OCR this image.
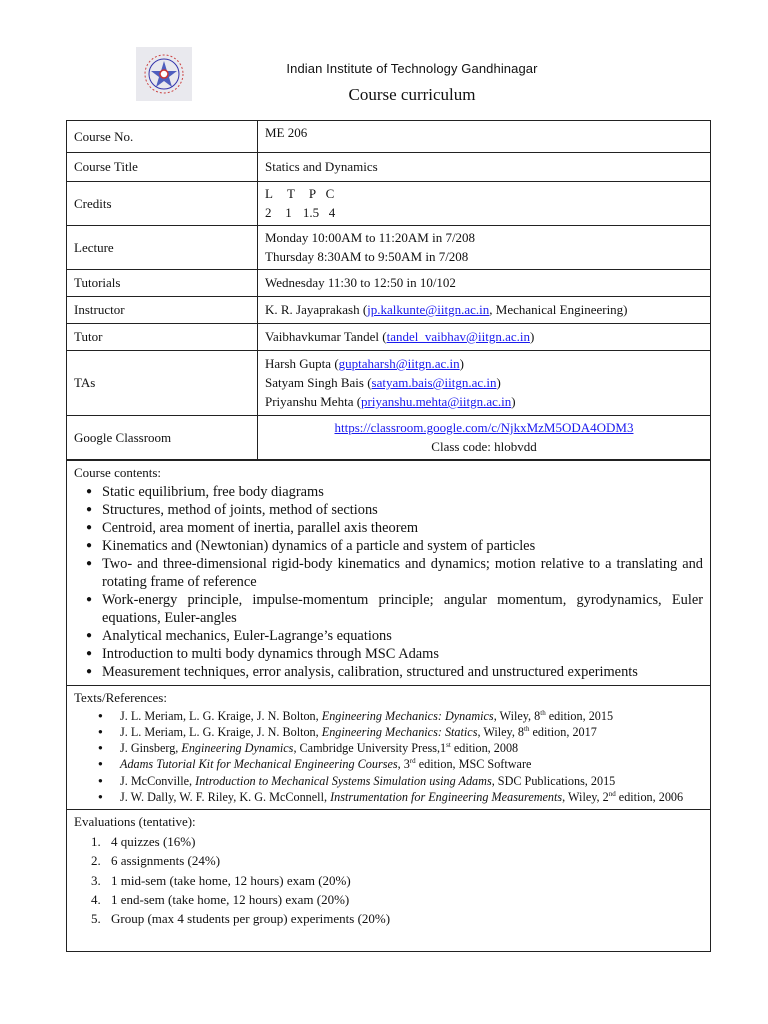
Indian Institute of Technology Gandhinagar
Course curriculum
Course No.	ME 206
Course Title	Statics and Dynamics
Credits	L T P C
2 1 1.5 4

Lecture	Monday 10:00AM to 11:20AM in 7/208
Thursday 8:30AM to 9:50AM in 7/208

Tutorials	Wednesday 11:30 to 12:50 in 10/102
Instructor	K. R. Jayaprakash (jp.kalkunte@iitgn.ac.in, Mechanical Engineering)
Tutor	Vaibhavkumar Tandel (tandel_vaibhav@iitgn.ac.in)
TAs	Harsh Gupta (guptaharsh@iitgn.ac.in)
Satyam Singh Bais (satyam.bais@iitgn.ac.in)
Priyanshu Mehta (priyanshu.mehta@iitgn.ac.in)

Google Classroom	https://classroom.google.com/c/NjkxMzM5ODA4ODM3
Class code: hlobvdd
Course contents:
● Static equilibrium, free body diagrams
● Structures, method of joints, method of sections
● Centroid, area moment of inertia, parallel axis theorem
● Kinematics and (Newtonian) dynamics of a particle and system of particles
● Two- and three-dimensional rigid-body kinematics and dynamics; motion relative to a translating and rotating frame of reference
● Work-energy principle, impulse-momentum principle; angular momentum, gyrodynamics, Euler equations, Euler-angles
● Analytical mechanics, Euler-Lagrange’s equations
● Introduction to multi body dynamics through MSC Adams
● Measurement techniques, error analysis, calibration, structured and unstructured experiments
Texts/References:
● J. L. Meriam, L. G. Kraige, J. N. Bolton, Engineering Mechanics: Dynamics, Wiley, 8th edition, 2015
● J. L. Meriam, L. G. Kraige, J. N. Bolton, Engineering Mechanics: Statics, Wiley, 8th edition, 2017
● J. Ginsberg, Engineering Dynamics, Cambridge University Press,1st edition, 2008
● Adams Tutorial Kit for Mechanical Engineering Courses, 3rd edition, MSC Software
● J. McConville, Introduction to Mechanical Systems Simulation using Adams, SDC Publications, 2015
● J. W. Dally, W. F. Riley, K. G. McConnell, Instrumentation for Engineering Measurements, Wiley, 2nd edition, 2006
Evaluations (tentative):
1. 4 quizzes (16%)
2. 6 assignments (24%)
3. 1 mid-sem (take home, 12 hours) exam (20%)
4. 1 end-sem (take home, 12 hours) exam (20%)
5. Group (max 4 students per group) experiments (20%)
